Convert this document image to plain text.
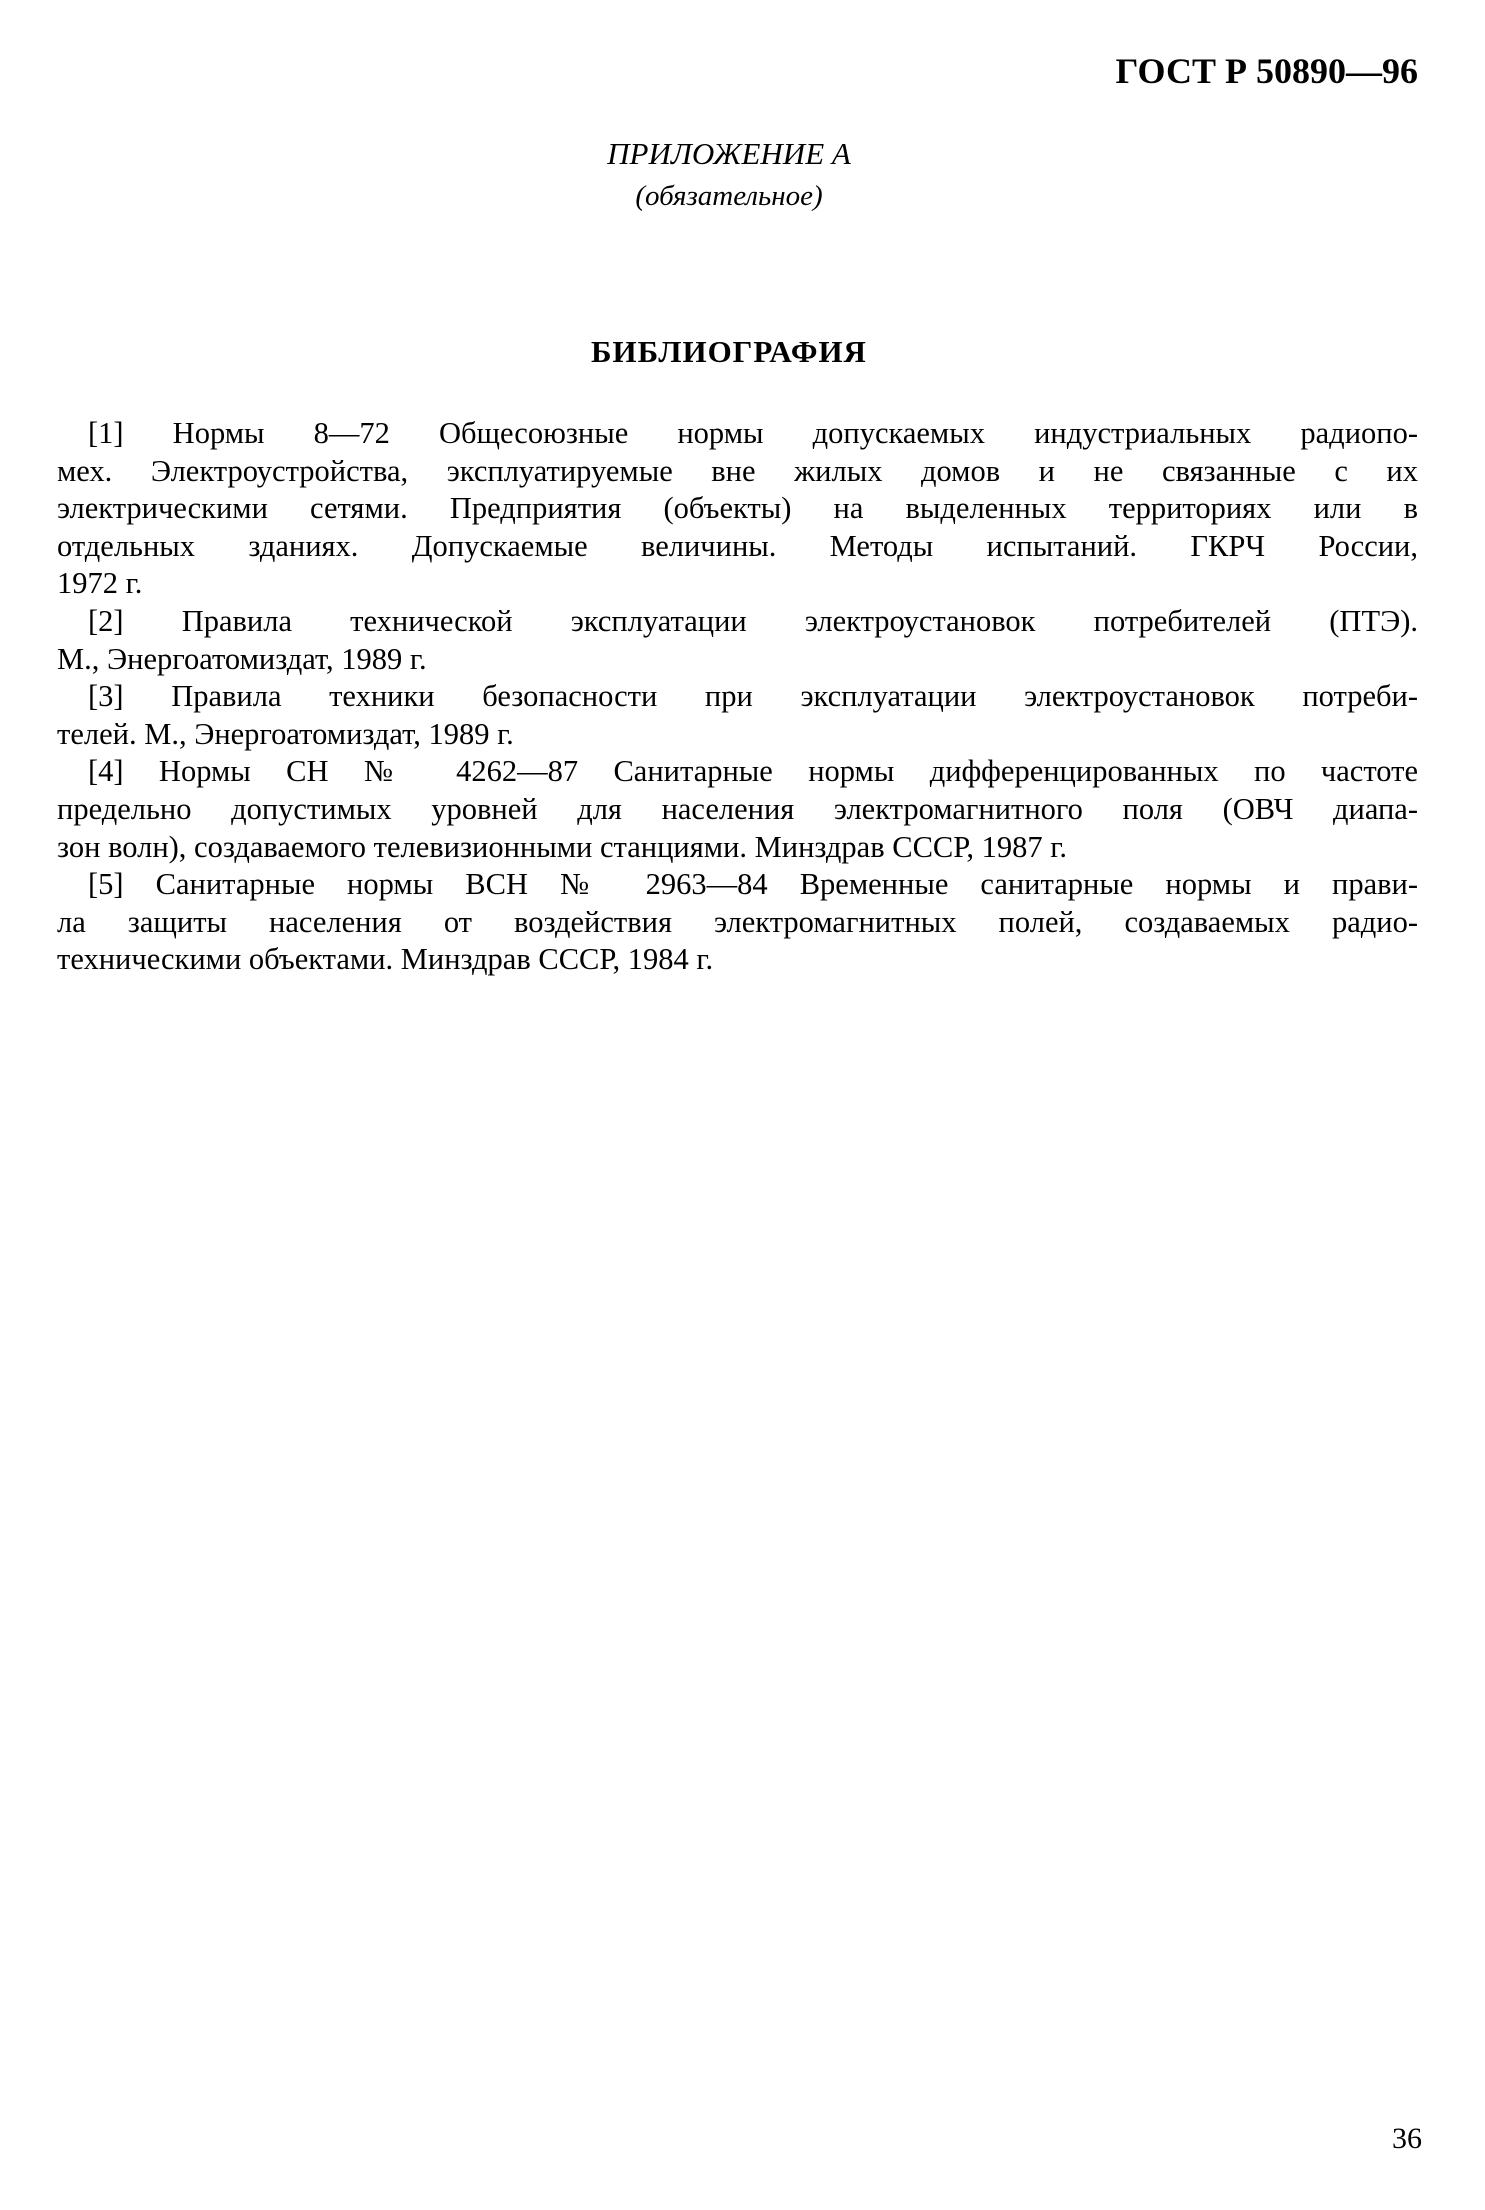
ГОСТ Р 50890—96
ПРИЛОЖЕНИЕ А
(обязательное)
БИБЛИОГРАФИЯ
[1] Нормы 8—72 Общесоюзные нормы допускаемых индустриальных радиопо-
мех. Электроустройства, эксплуатируемые вне жилых домов и не связанные с их
электрическими сетями. Предприятия (объекты) на выделенных территориях или в
отдельных зданиях. Допускаемые величины. Методы испытаний. ГКРЧ России,
1972 г.
[2] Правила технической эксплуатации электроустановок потребителей (ПТЭ).
М., Энергоатомиздат, 1989 г.
[3] Правила техники безопасности при эксплуатации электроустановок потреби-
телей. М., Энергоатомиздат, 1989 г.
[4] Нормы СН № 4262—87 Санитарные нормы дифференцированных по частоте
предельно допустимых уровней для населения электромагнитного поля (ОВЧ диапа-
зон волн), создаваемого телевизионными станциями. Минздрав СССР, 1987 г.
[5] Санитарные нормы ВСН № 2963—84 Временные санитарные нормы и прави-
ла защиты населения от воздействия электромагнитных полей, создаваемых радио-
техническими объектами. Минздрав СССР, 1984 г.
36
